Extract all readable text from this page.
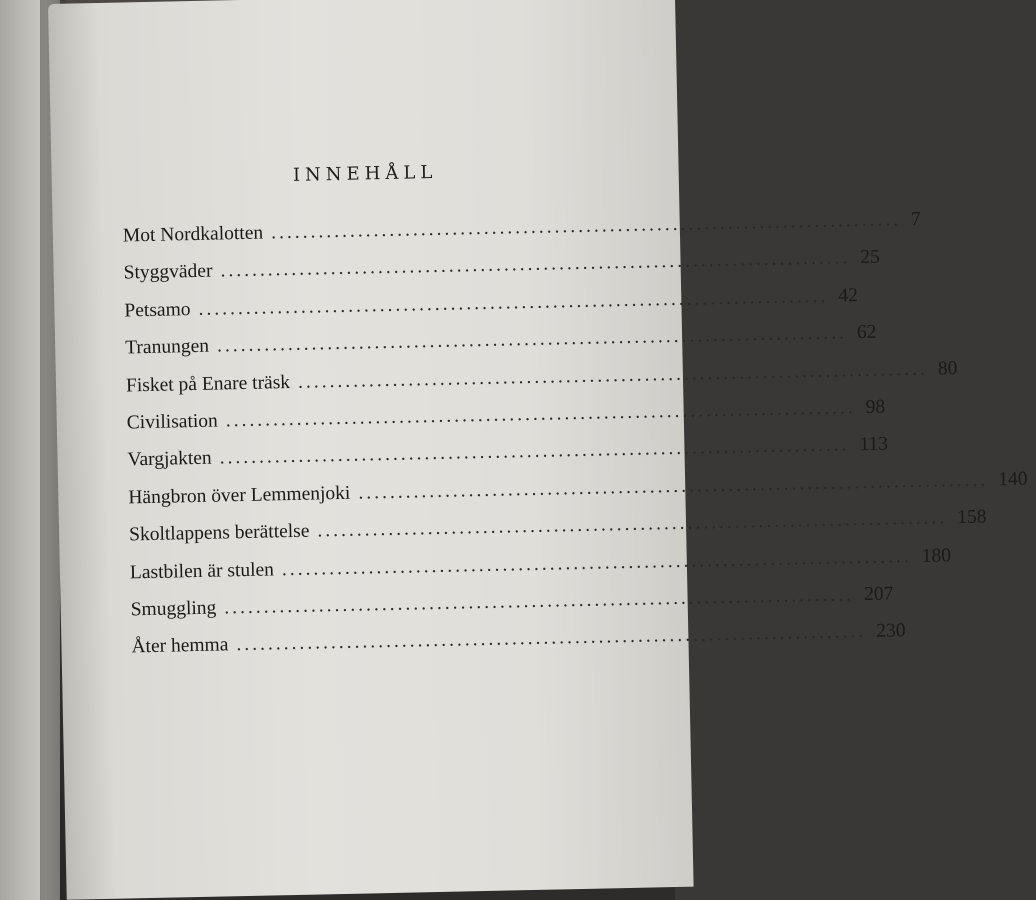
INNEHÅLL
Mot Nordkalotten ................................................................................ 7
Styggväder ................................................................................ 25
Petsamo ................................................................................ 42
Tranungen ................................................................................ 62
Fisket på Enare träsk ................................................................................ 80
Civilisation ................................................................................ 98
Vargjakten ................................................................................ 113
Hängbron över Lemmenjoki ................................................................................ 140
Skoltlappens berättelse ................................................................................ 158
Lastbilen är stulen ................................................................................ 180
Smuggling ................................................................................ 207
Åter hemma ................................................................................ 230
